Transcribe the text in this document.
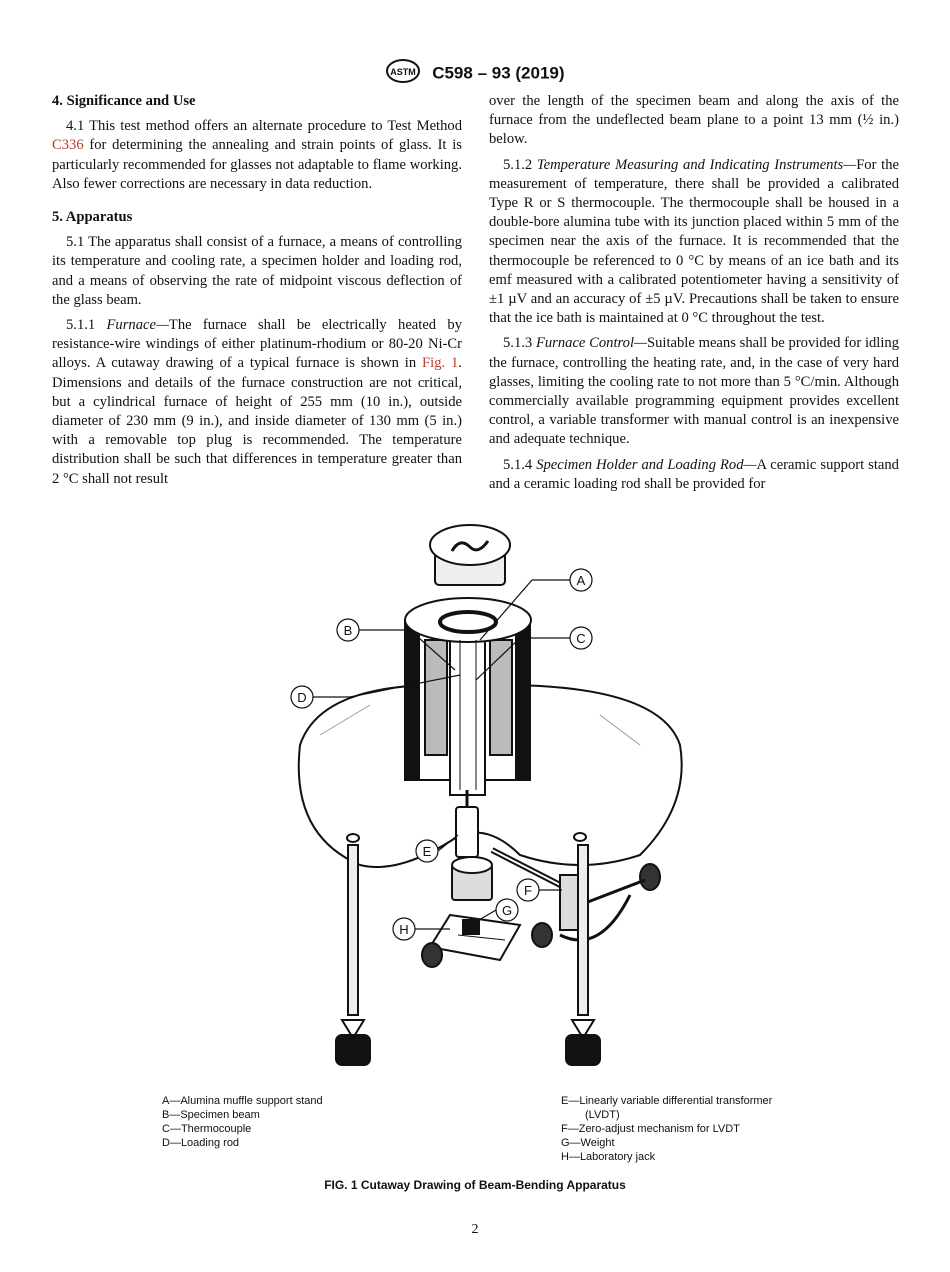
ASTM C598 – 93 (2019)
4. Significance and Use

4.1 This test method offers an alternate procedure to Test Method C336 for determining the annealing and strain points of glass. It is particularly recommended for glasses not adaptable to flame working. Also fewer corrections are necessary in data reduction.

5. Apparatus

5.1 The apparatus shall consist of a furnace, a means of controlling its temperature and cooling rate, a specimen holder and loading rod, and a means of observing the rate of midpoint viscous deflection of the glass beam.

5.1.1 Furnace—The furnace shall be electrically heated by resistance-wire windings of either platinum-rhodium or 80-20 Ni-Cr alloys. A cutaway drawing of a typical furnace is shown in Fig. 1. Dimensions and details of the furnace construction are not critical, but a cylindrical furnace of height of 255 mm (10 in.), outside diameter of 230 mm (9 in.), and inside diameter of 130 mm (5 in.) with a removable top plug is recommended. The temperature distribution shall be such that differences in temperature greater than 2 °C shall not result

over the length of the specimen beam and along the axis of the furnace from the undeflected beam plane to a point 13 mm (½ in.) below.

5.1.2 Temperature Measuring and Indicating Instruments—For the measurement of temperature, there shall be provided a calibrated Type R or S thermocouple. The thermocouple shall be housed in a double-bore alumina tube with its junction placed within 5 mm of the specimen near the axis of the furnace. It is recommended that the thermocouple be referenced to 0 °C by means of an ice bath and its emf measured with a calibrated potentiometer having a sensitivity of ±1 µV and an accuracy of ±5 µV. Precautions shall be taken to ensure that the ice bath is maintained at 0 °C throughout the test.

5.1.3 Furnace Control—Suitable means shall be provided for idling the furnace, controlling the heating rate, and, in the case of very hard glasses, limiting the cooling rate to not more than 5 °C/min. Although commercially available programming equipment provides excellent control, a variable transformer with manual control is an inexpensive and adequate technique.

5.1.4 Specimen Holder and Loading Rod—A ceramic support stand and a ceramic loading rod shall be provided for

A
B
C
D
E
F
G
H
A—Alumina muffle support stand
B—Specimen beam
C—Thermocouple
D—Loading rod
E—Linearly variable differential transformer
(LVDT)
F—Zero-adjust mechanism for LVDT
G—Weight
H—Laboratory jack
FIG. 1 Cutaway Drawing of Beam-Bending Apparatus
2
